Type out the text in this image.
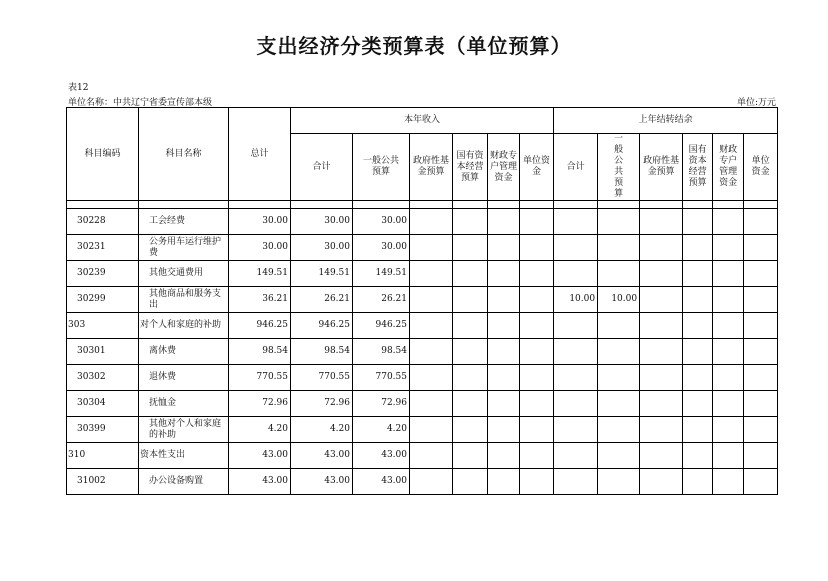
支出经济分类预算表（单位预算）
表12
单位名称：中共辽宁省委宣传部本级	单位:万元
科目编码	科目名称	总计	本年收入						上年结转结余					
			合计	一般公共预算	政府性基金预算	国有资本经营预算	财政专户管理资金	单位资金	合计	一般公共预算	政府性基金预算	国有资本经营预算	财政专户管理资金	单位资金

30228	工会经费	30.00	30.00	30.00										
30231	公务用车运行维护费	30.00	30.00	30.00										
30239	其他交通费用	149.51	149.51	149.51										
30299	其他商品和服务支出	36.21	26.21	26.21					10.00	10.00				
303	对个人和家庭的补助	946.25	946.25	946.25										
30301	离休费	98.54	98.54	98.54										
30302	退休费	770.55	770.55	770.55										
30304	抚恤金	72.96	72.96	72.96										
30399	其他对个人和家庭的补助	4.20	4.20	4.20										
310	资本性支出	43.00	43.00	43.00										
31002	办公设备购置	43.00	43.00	43.00										
